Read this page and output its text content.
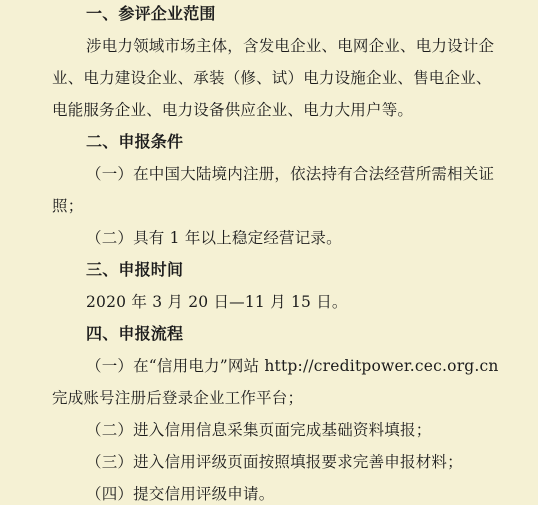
一、参评企业范围
涉电力领域市场主体，含发电企业、电网企业、电力设计企
业、电力建设企业、承装（修、试）电力设施企业、售电企业、
电能服务企业、电力设备供应企业、电力大用户等。
二、申报条件
（一）在中国大陆境内注册，依法持有合法经营所需相关证
照；
（二）具有 1 年以上稳定经营记录。
三、申报时间
2020 年 3 月 20 日—11 月 15 日。
四、申报流程
（一）在“信用电力”网站 http://creditpower.cec.org.cn
完成账号注册后登录企业工作平台；
（二）进入信用信息采集页面完成基础资料填报；
（三）进入信用评级页面按照填报要求完善申报材料；
（四）提交信用评级申请。
